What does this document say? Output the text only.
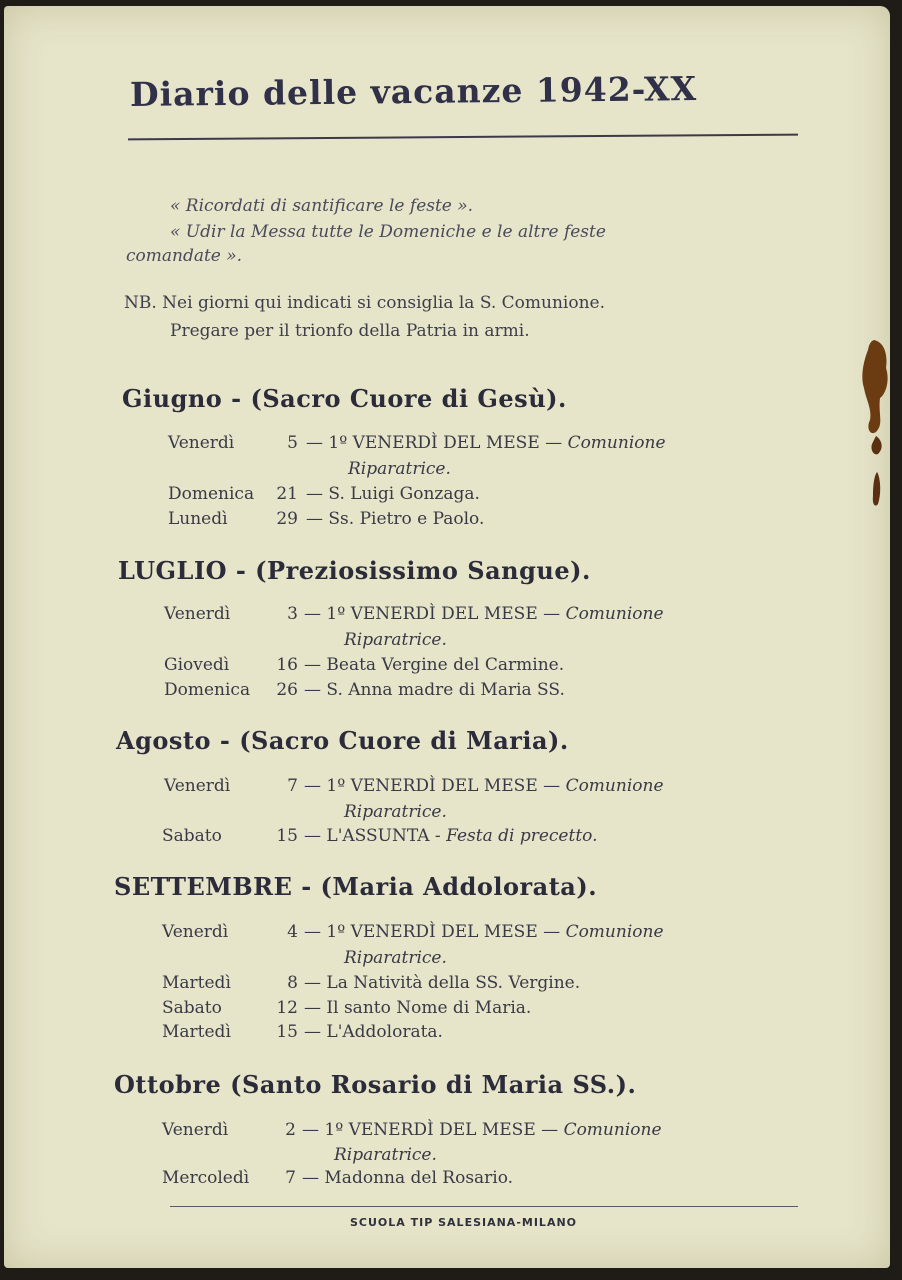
Diario delle vacanze 1942-XX
« Ricordati di santificare le feste ».
« Udir la Messa tutte le Domeniche e le altre feste
comandate ».
NB. Nei giorni qui indicati si consiglia la S. Comunione.
Pregare per il trionfo della Patria in armi.
Giugno - (Sacro Cuore di Gesù).
Venerdì	5 — 1º VENERDÌ DEL MESE — Comunione
Riparatrice.
Domenica	21 — S. Luigi Gonzaga.
Lunedì	29 — Ss. Pietro e Paolo.
LUGLIO - (Preziosissimo Sangue).
Venerdì	3 — 1º VENERDÌ DEL MESE — Comunione
Riparatrice.
Giovedì	16 — Beata Vergine del Carmine.
Domenica	26 — S. Anna madre di Maria SS.
Agosto - (Sacro Cuore di Maria).
Venerdì	7 — 1º VENERDÌ DEL MESE — Comunione
Riparatrice.
Sabato	15 — L'ASSUNTA - Festa di precetto.
SETTEMBRE - (Maria Addolorata).
Venerdì	4 — 1º VENERDÌ DEL MESE — Comunione
Riparatrice.
Martedì	8 — La Natività della SS. Vergine.
Sabato	12 — Il santo Nome di Maria.
Martedì	15 — L'Addolorata.
Ottobre (Santo Rosario di Maria SS.).
Venerdì	2 — 1º VENERDÌ DEL MESE — Comunione
Riparatrice.
Mercoledì	7 — Madonna del Rosario.
SCUOLA TIP SALESIANA-MILANO
